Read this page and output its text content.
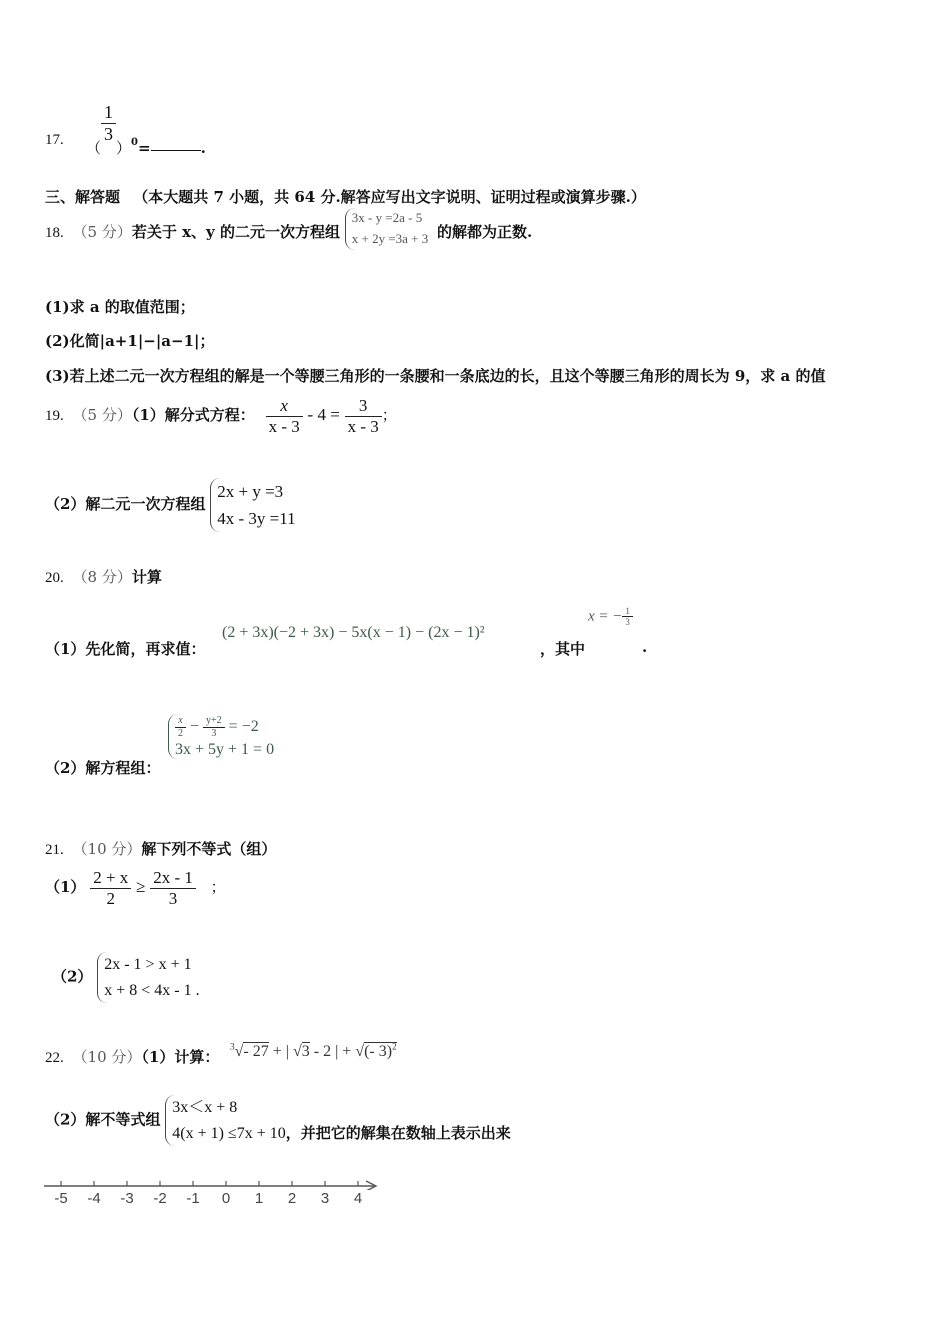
17. （
$\frac{1}{3}$
）$_0=$	.
三、解答题 （本大题共 7 小题，共 64 分.解答应写出文字说明、证明过程或演算步骤.）
18. （5 分）若关于 x、y 的二元一次方程组
3x - y =2a - 5
x + 2y =3a + 3 的解都为正数.
(1)求 a 的取值范围；
(2)化简|a+1|−|a−1|；
(3)若上述二元一次方程组的解是一个等腰三角形的一条腰和一条底边的长，且这个等腰三角形的周长为 9，求 a 的值
19. （5 分）（1）解分式方程： $\frac{x}{x - 3} - 4 = \frac{3}{x - 3}$ ；
（2）解二元一次方程组
2x + y =3
4x - 3y =11
20. （8 分）计算
（1）先化简，再求值：
(2 + 3x)(−2 + 3x) − 5x(x − 1) − (2x − 1)²
，其中
x = − $\frac{1}{3}$
.
（2）解方程组：
$\frac{x}{2} - \frac{y+2}{3} = -2$
3x + 5y + 1 = 0
21. （10 分）解下列不等式（组）
$(1) \frac{2 + x}{2} \ge \frac{2x - 1}{3}$ ；
（2）
2x - 1 > x + 1
x + 8 < 4x - 1 .
22. （10 分）（1）计算： $^3$√- 27 + | √3 - 2 | + √(- 3)$^2$
（2）解不等式组
3x＜x + 8
4(x + 1) ≤7x + 10，并把它的解集在数轴上表示出来
-5	-4	-3	-2	-1	0	1	2	3	4
